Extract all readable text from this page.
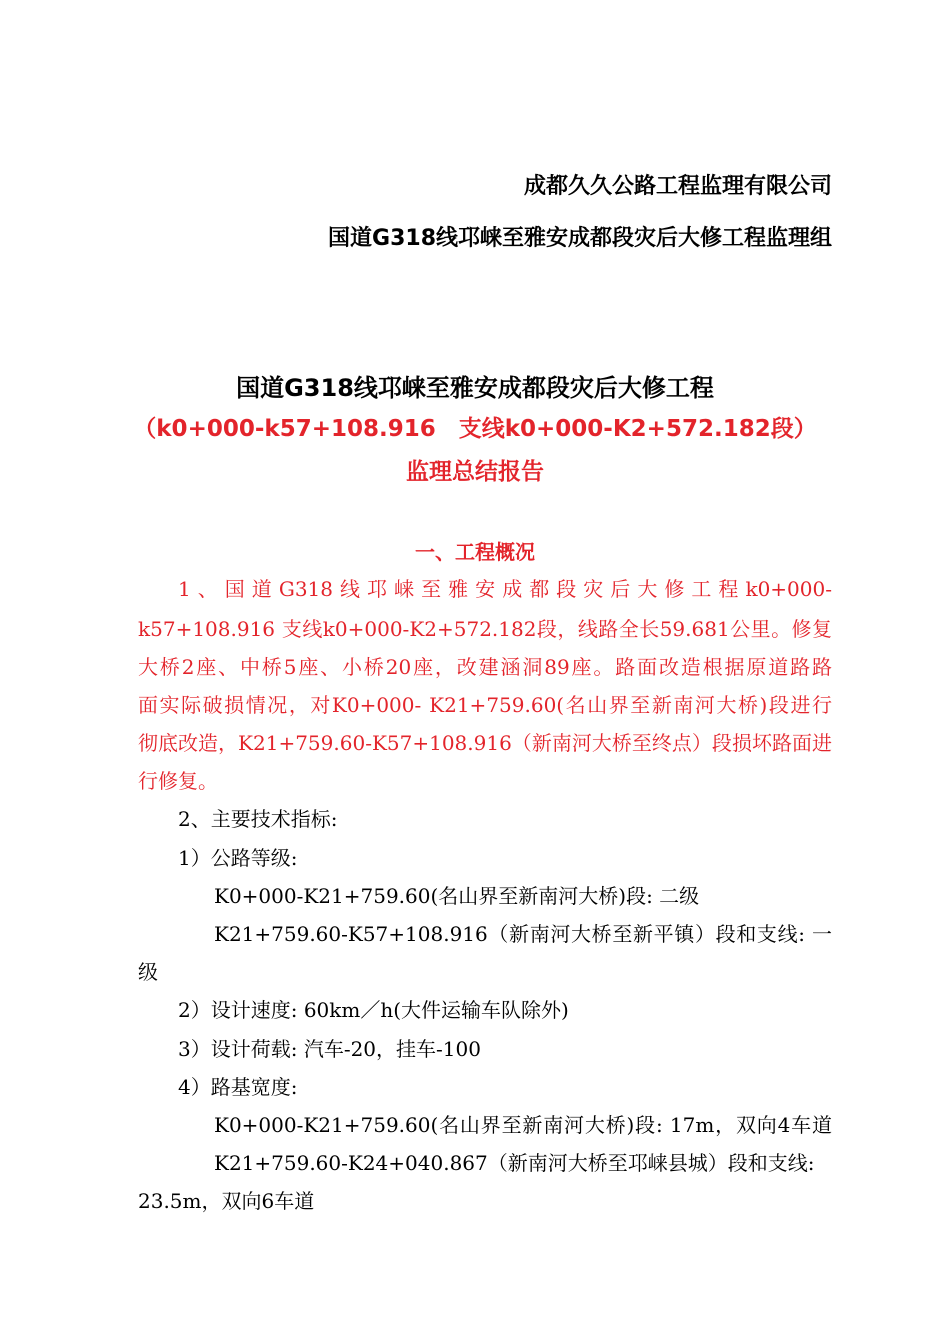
成都久久公路工程监理有限公司

国道G318线邛崃至雅安成都段灾后大修工程监理组

国道G318线邛崃至雅安成都段灾后大修工程

（k0+000-k57+108.916　支线k0+000-K2+572.182段）

监理总结报告

一、工程概况

1、国道G318线邛崃至雅安成都段灾后大修工程k0+000-

k57+108.916 支线k0+000-K2+572.182段，线路全长59.681公里。修复

大桥2座、中桥5座、小桥20座，改建涵洞89座。路面改造根据原道路路

面实际破损情况，对K0+000- K21+759.60(名山界至新南河大桥)段进行

彻底改造，K21+759.60-K57+108.916（新南河大桥至终点）段损坏路面进

行修复。

2、主要技术指标:

1）公路等级:

K0+000-K21+759.60(名山界至新南河大桥)段: 二级

K21+759.60-K57+108.916（新南河大桥至新平镇）段和支线: 一

级

2）设计速度: 60km／h(大件运输车队除外)

3）设计荷载: 汽车-20，挂车-100

4）路基宽度:

K0+000-K21+759.60(名山界至新南河大桥)段: 17m，双向4车道

K21+759.60-K24+040.867（新南河大桥至邛崃县城）段和支线:

23.5m，双向6车道
